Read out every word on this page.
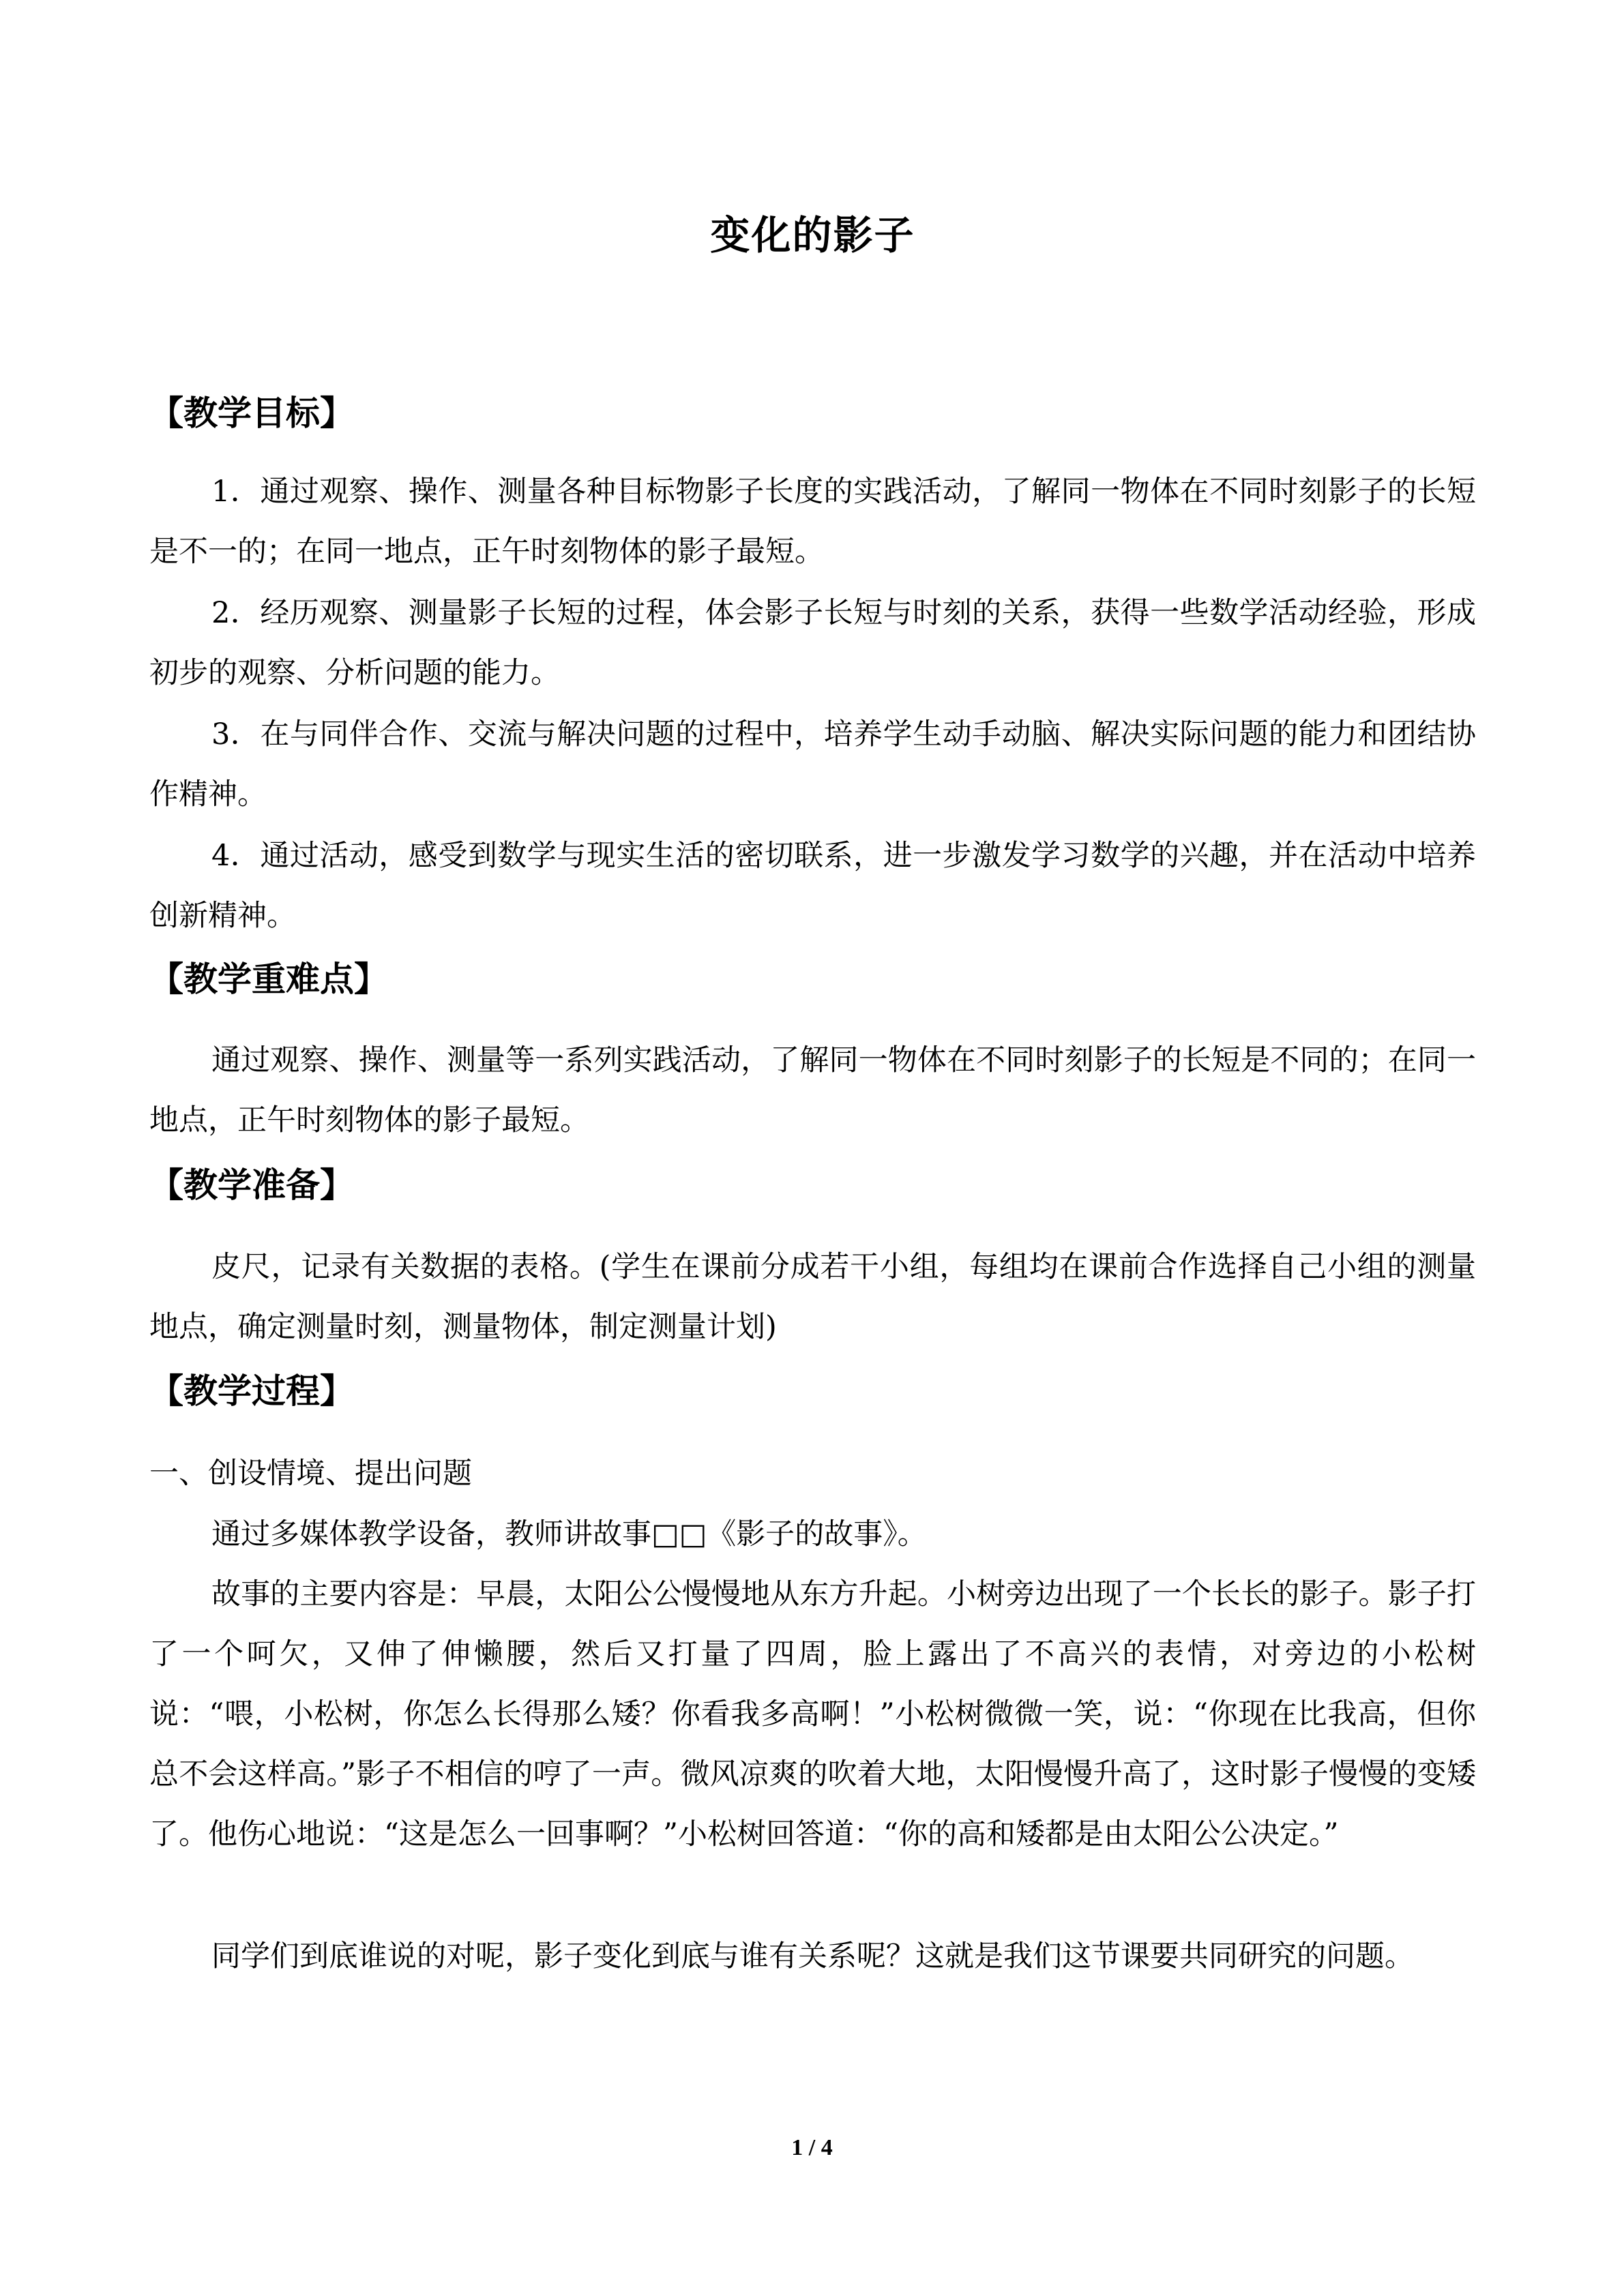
变化的影子
【教学目标】

1．通过观察、操作、测量各种目标物影子长度的实践活动，了解同一物体在不同时刻影子的长短是不一的；在同一地点，正午时刻物体的影子最短。

2．经历观察、测量影子长短的过程，体会影子长短与时刻的关系，获得一些数学活动经验，形成初步的观察、分析问题的能力。

3．在与同伴合作、交流与解决问题的过程中，培养学生动手动脑、解决实际问题的能力和团结协作精神。

4．通过活动，感受到数学与现实生活的密切联系，进一步激发学习数学的兴趣，并在活动中培养创新精神。

【教学重难点】

通过观察、操作、测量等一系列实践活动，了解同一物体在不同时刻影子的长短是不同的；在同一地点，正午时刻物体的影子最短。

【教学准备】

皮尺，记录有关数据的表格。(学生在课前分成若干小组，每组均在课前合作选择自己小组的测量地点，确定测量时刻，测量物体，制定测量计划)

【教学过程】

一、创设情境、提出问题

通过多媒体教学设备，教师讲故事□□《影子的故事》。

故事的主要内容是：早晨，太阳公公慢慢地从东方升起。小树旁边出现了一个长长的影子。影子打了一个呵欠，又伸了伸懒腰，然后又打量了四周，脸上露出了不高兴的表情，对旁边的小松树说：“喂，小松树，你怎么长得那么矮？你看我多高啊！”小松树微微一笑，说：“你现在比我高，但你总不会这样高。”影子不相信的哼了一声。微风凉爽的吹着大地，太阳慢慢升高了，这时影子慢慢的变矮了。他伤心地说：“这是怎么一回事啊？”小松树回答道：“你的高和矮都是由太阳公公决定。”

同学们到底谁说的对呢，影子变化到底与谁有关系呢？这就是我们这节课要共同研究的问题。

1 / 4
